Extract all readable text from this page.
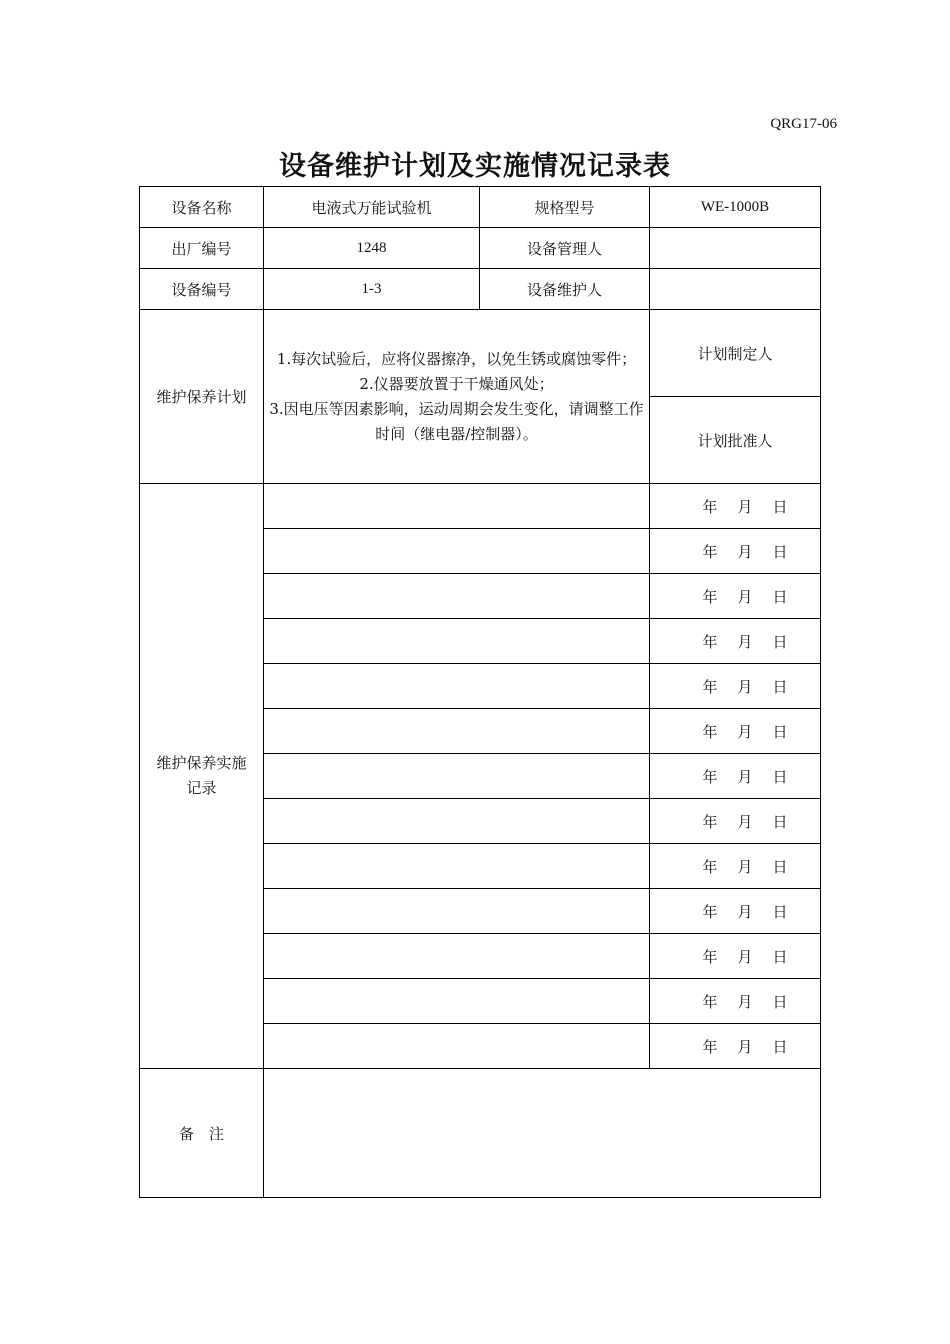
QRG17-06
设备维护计划及实施情况记录表
设备名称	电液式万能试验机	规格型号	WE-1000B
出厂编号	1248	设备管理人	
设备编号	1-3	设备维护人	
维护保养计划	1.每次试验后，应将仪器擦净，以免生锈或腐蚀零件；
2.仪器要放置于干燥通风处；
3.因电压等因素影响，运动周期会发生变化，请调整工作时间（继电器/控制器）。		计划制定人
			计划批准人

维护保养实施
记录			年 月 日
			年 月 日
			年 月 日
			年 月 日
			年 月 日
			年 月 日
			年 月 日
			年 月 日
			年 月 日
			年 月 日
			年 月 日
			年 月 日
			年 月 日
备　注			
